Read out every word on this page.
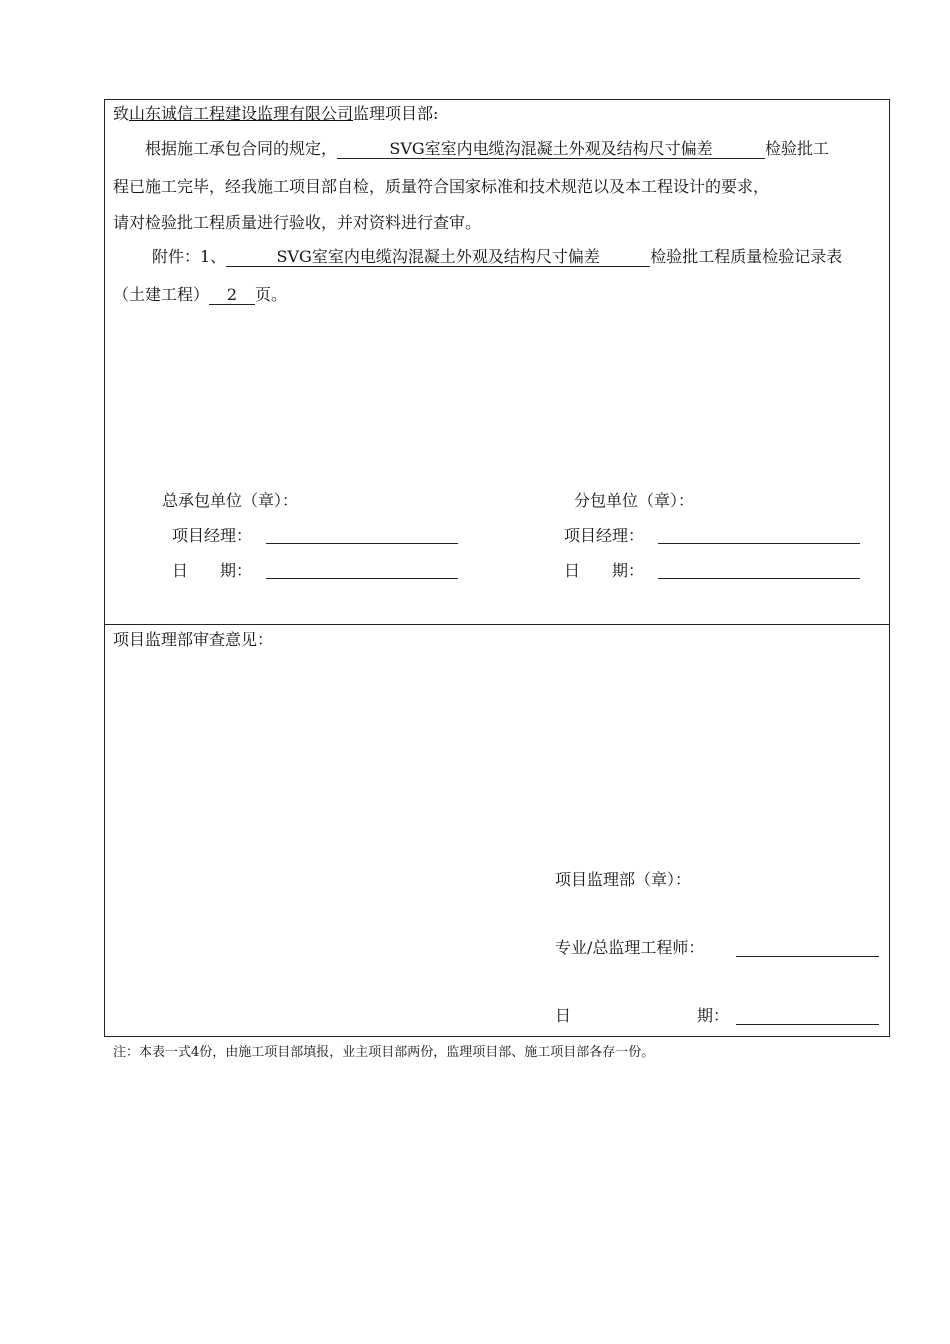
致山东诚信工程建设监理有限公司监理项目部:
根据施工承包合同的规定，	SVG室室内电缆沟混凝土外观及结构尺寸偏差	检验批工
程已施工完毕，经我施工项目部自检，质量符合国家标准和技术规范以及本工程设计的要求，
请对检验批工程质量进行验收，并对资料进行查审。
附件：1、	SVG室室内电缆沟混凝土外观及结构尺寸偏差	检验批工程质量检验记录表
（土建工程） 2 页。
总承包单位（章）：
项目经理：
日　　期：
分包单位（章）：
项目经理：
日　　期：
项目监理部审查意见：
项目监理部（章）：
专业/总监理工程师：
日	期：
注：本表一式4份，由施工项目部填报，业主项目部两份，监理项目部、施工项目部各存一份。
